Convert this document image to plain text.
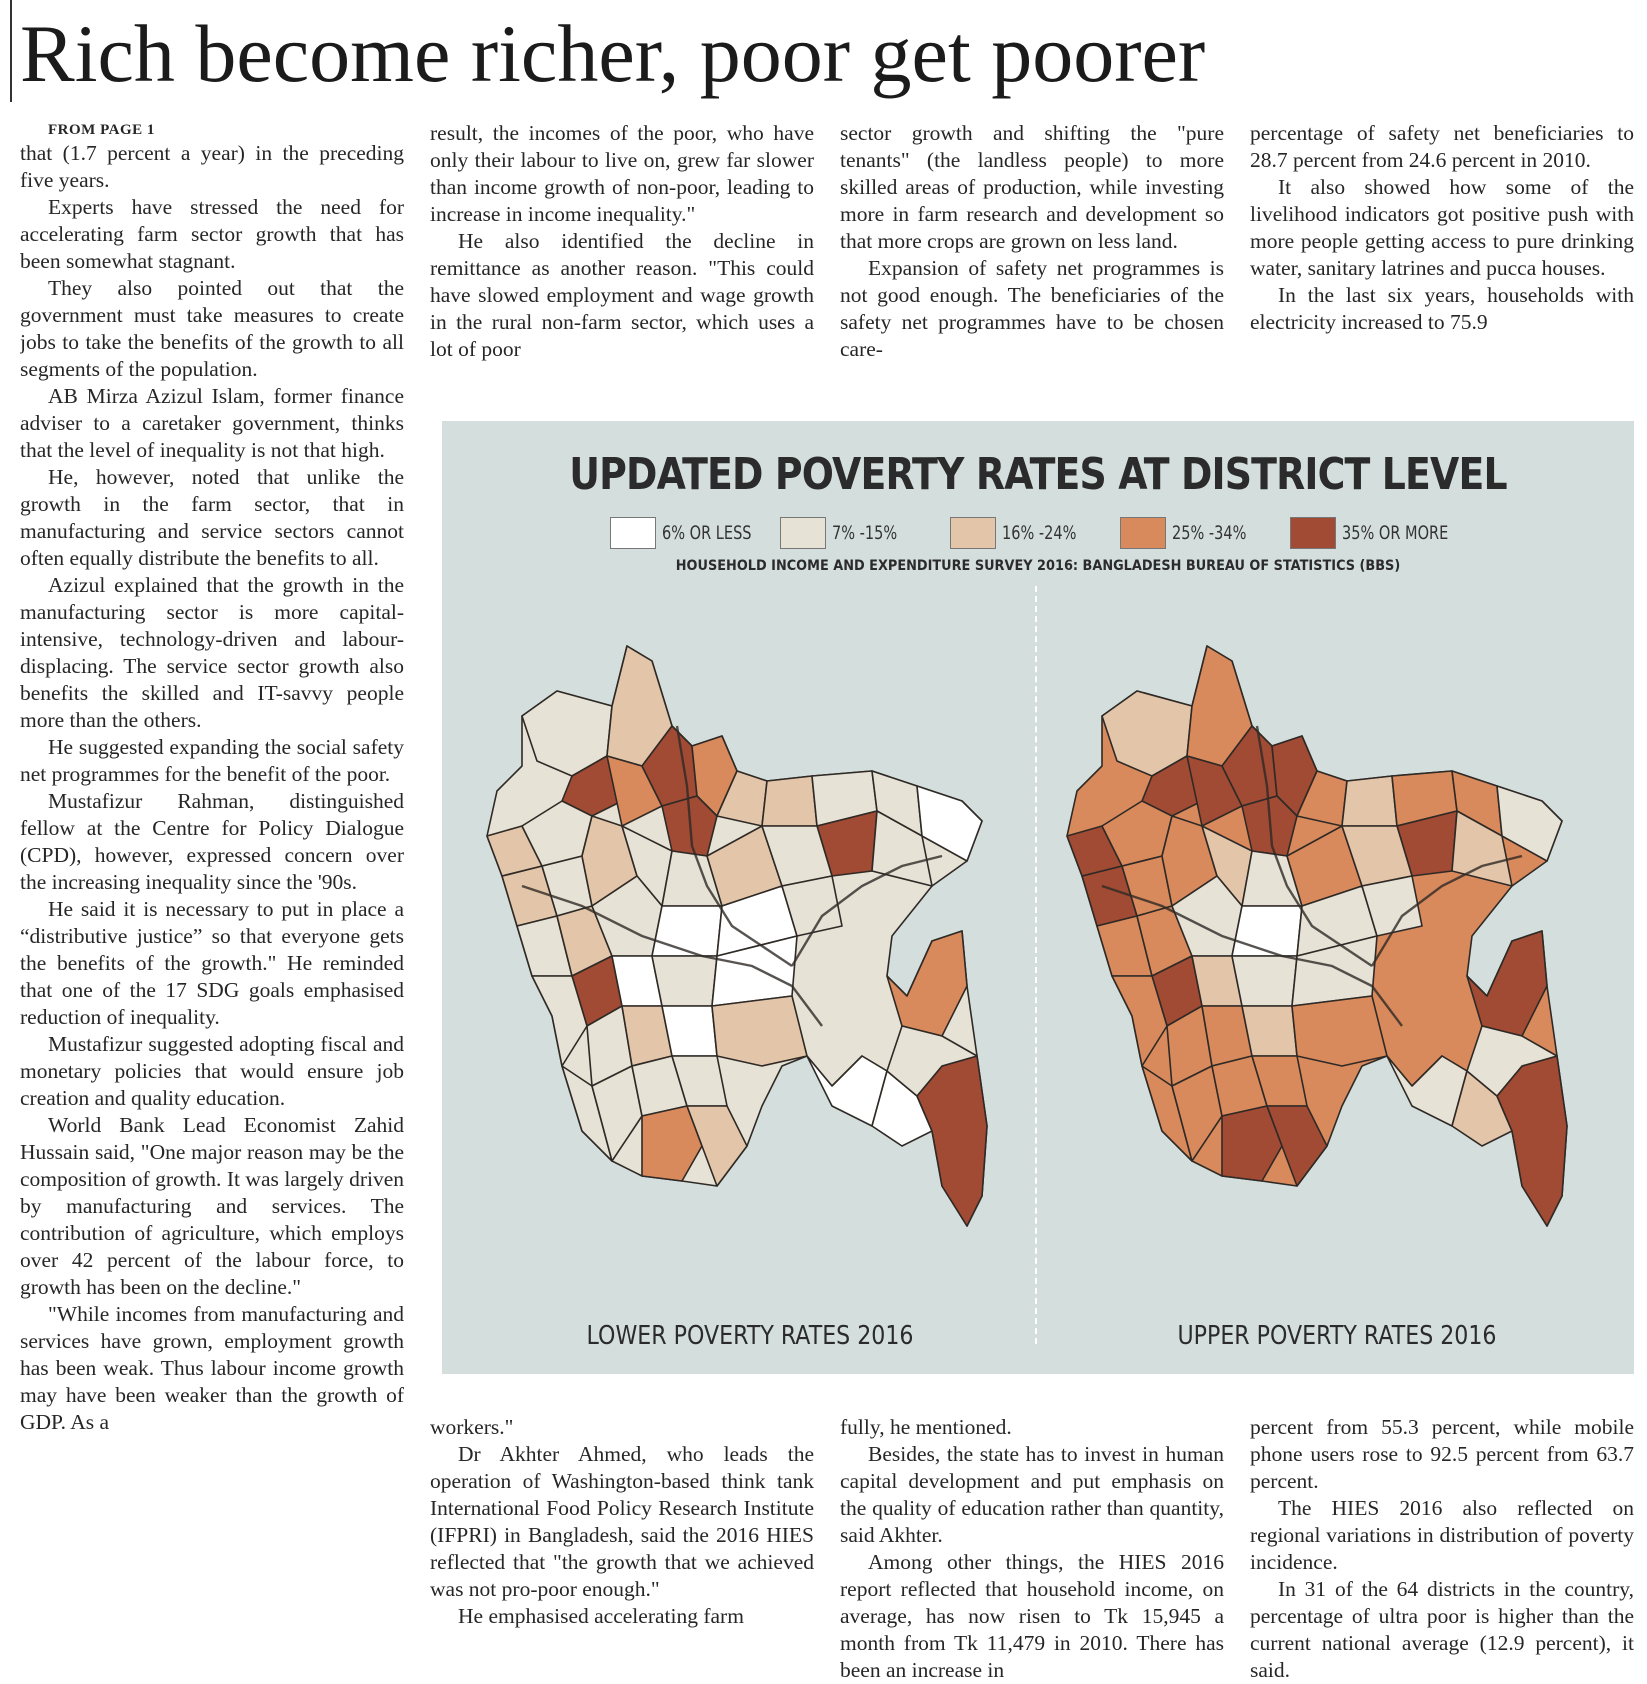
Rich become richer, poor get poorer

FROM PAGE 1

that (1.7 percent a year) in the preceding five years.

Experts have stressed the need for accelerating farm sector growth that has been somewhat stagnant.

They also pointed out that the government must take measures to create jobs to take the benefits of the growth to all segments of the population.

AB Mirza Azizul Islam, former finance adviser to a caretaker government, thinks that the level of inequality is not that high.

He, however, noted that unlike the growth in the farm sector, that in manufacturing and service sectors cannot often equally distribute the benefits to all.

Azizul explained that the growth in the manufacturing sector is more capital-intensive, technology-driven and labour-displacing. The service sector growth also benefits the skilled and IT-savvy people more than the others.

He suggested expanding the social safety net programmes for the benefit of the poor.

Mustafizur Rahman, distinguished fellow at the Centre for Policy Dialogue (CPD), however, expressed concern over the increasing inequality since the '90s.

He said it is necessary to put in place a “distributive justice” so that everyone gets the benefits of the growth." He reminded that one of the 17 SDG goals emphasised reduction of inequality.

Mustafizur suggested adopting fiscal and monetary policies that would ensure job creation and quality education.

World Bank Lead Economist Zahid Hussain said, "One major reason may be the composition of growth. It was largely driven by manufacturing and services. The contribution of agriculture, which employs over 42 percent of the labour force, to growth has been on the decline."

"While incomes from manufacturing and services have grown, employment growth has been weak. Thus labour income growth may have been weaker than the growth of GDP. As a

result, the incomes of the poor, who have only their labour to live on, grew far slower than income growth of non-poor, leading to increase in income inequality."

He also identified the decline in remittance as another reason. "This could have slowed employment and wage growth in the rural non-farm sector, which uses a lot of poor

sector growth and shifting the "pure tenants" (the landless people) to more skilled areas of production, while investing more in farm research and development so that more crops are grown on less land.

Expansion of safety net programmes is not good enough. The beneficiaries of the safety net programmes have to be chosen care-

percentage of safety net beneficiaries to 28.7 percent from 24.6 percent in 2010.

It also showed how some of the livelihood indicators got positive push with more people getting access to pure drinking water, sanitary latrines and pucca houses.

In the last six years, households with electricity increased to 75.9

UPDATED POVERTY RATES AT DISTRICT LEVEL
6% OR LESS	7% -15%	16% -24%	25% -34%	35% OR MORE
HOUSEHOLD INCOME AND EXPENDITURE SURVEY 2016: BANGLADESH BUREAU OF STATISTICS (BBS)
LOWER POVERTY RATES 2016	UPPER POVERTY RATES 2016

workers."

Dr Akhter Ahmed, who leads the operation of Washington-based think tank International Food Policy Research Institute (IFPRI) in Bangladesh, said the 2016 HIES reflected that "the growth that we achieved was not pro-poor enough."

He emphasised accelerating farm

fully, he mentioned.

Besides, the state has to invest in human capital development and put emphasis on the quality of education rather than quantity, said Akhter.

Among other things, the HIES 2016 report reflected that household income, on average, has now risen to Tk 15,945 a month from Tk 11,479 in 2010. There has been an increase in

percent from 55.3 percent, while mobile phone users rose to 92.5 percent from 63.7 percent.

The HIES 2016 also reflected on regional variations in distribution of poverty incidence.

In 31 of the 64 districts in the country, percentage of ultra poor is higher than the current national average (12.9 percent), it said.
